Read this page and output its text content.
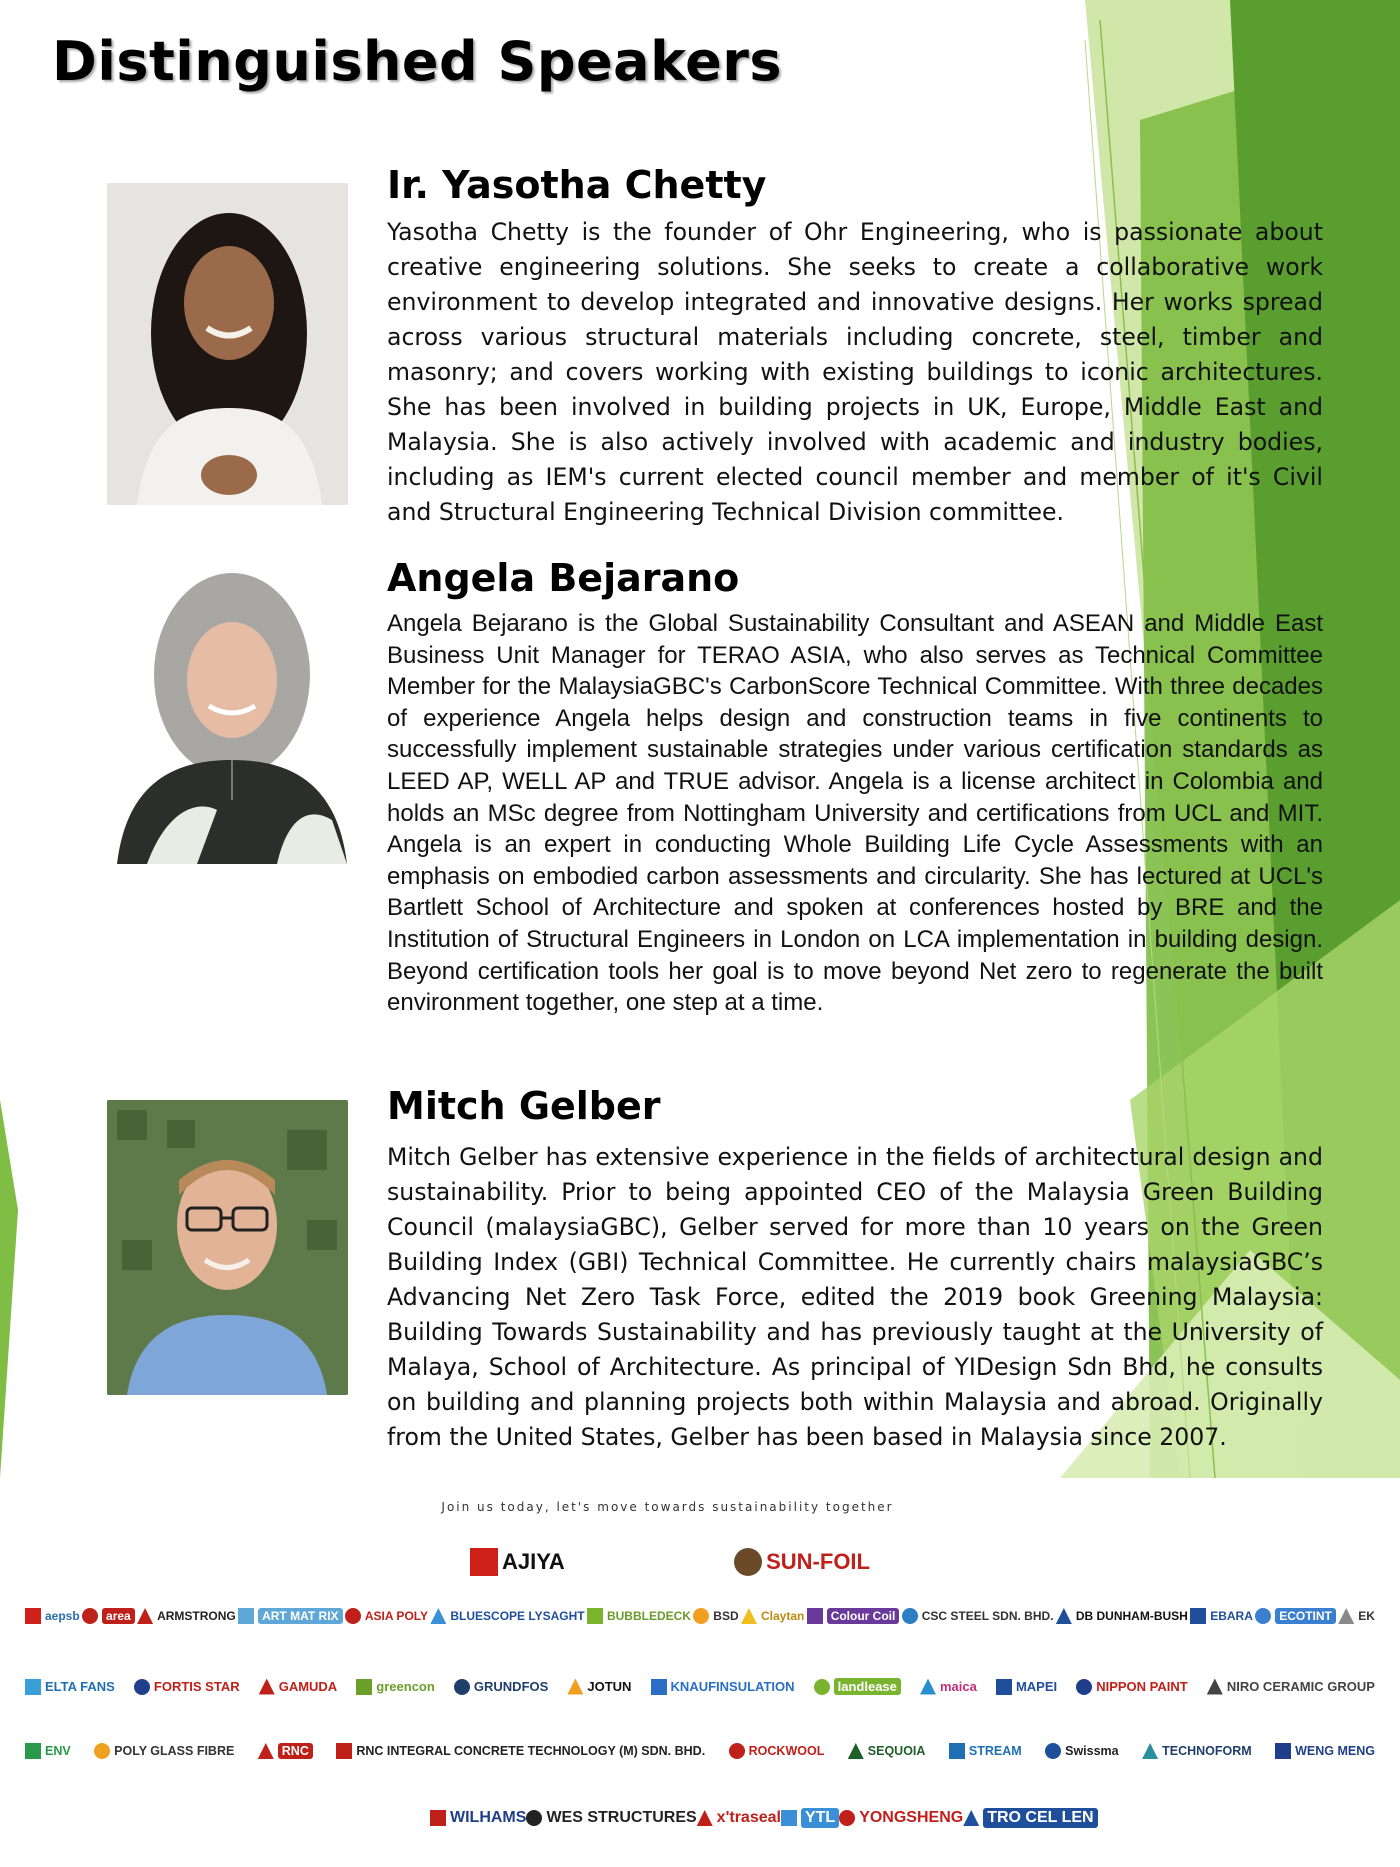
Distinguished Speakers
Ir. Yasotha Chetty

Yasotha Chetty is the founder of Ohr Engineering, who is passionate about creative engineering solutions. She seeks to create a collaborative work environment to develop integrated and innovative designs. Her works spread across various structural materials including concrete, steel, timber and masonry; and covers working with existing buildings to iconic architectures. She has been involved in building projects in UK, Europe, Middle East and Malaysia. She is also actively involved with academic and industry bodies, including as IEM's current elected council member and member of it's Civil and Structural Engineering Technical Division committee.

Angela Bejarano

Angela Bejarano is the Global Sustainability Consultant and ASEAN and Middle East Business Unit Manager for TERAO ASIA, who also serves as Technical Committee Member for the MalaysiaGBC's CarbonScore Technical Committee. With three decades of experience Angela helps design and construction teams in five continents to successfully implement sustainable strategies under various certification standards as LEED AP, WELL AP and TRUE advisor. Angela is a license architect in Colombia and holds an MSc degree from Nottingham University and certifications from UCL and MIT. Angela is an expert in conducting Whole Building Life Cycle Assessments with an emphasis on embodied carbon assessments and circularity. She has lectured at UCL's Bartlett School of Architecture and spoken at conferences hosted by BRE and the Institution of Structural Engineers in London on LCA implementation in building design. Beyond certification tools her goal is to move beyond Net zero to regenerate the built environment together, one step at a time.

Mitch Gelber

Mitch Gelber has extensive experience in the fields of architectural design and sustainability. Prior to being appointed CEO of the Malaysia Green Building Council (malaysiaGBC), Gelber served for more than 10 years on the Green Building Index (GBI) Technical Committee. He currently chairs malaysiaGBC’s Advancing Net Zero Task Force, edited the 2019 book Greening Malaysia: Building Towards Sustainability and has previously taught at the University of Malaya, School of Architecture. As principal of YIDesign Sdn Bhd, he consults on building and planning projects both within Malaysia and abroad. Originally from the United States, Gelber has been based in Malaysia since 2007.

Join us today, let's move towards sustainability together

AJIYA	SUN-FOIL
aepsb	area	ARMSTRONG	ART MAT RIX	ASIA POLY BLUESCOPE LYSAGHT BUBBLEDECK BSD Claytan	Colour Coil	CSC STEEL SDN. BHD. DB DUNHAM-BUSH EBARA	ECOTINT	EK
ELTA FANS	FORTIS STAR	GAMUDA	greencon	GRUNDFOS	JOTUN	KNAUFINSULATION	landlease	maica	MAPEI	NIPPON PAINT	NIRO CERAMIC GROUP
ENV	POLY GLASS FIBRE	RNC	RNC INTEGRAL CONCRETE TECHNOLOGY (M) SDN. BHD.	ROCKWOOL	SEQUOIA	STREAM	Swissma	TECHNOFORM	WENG MENG
WILHAMS WES STRUCTURES x'traseal YTL YONGSHENG TRO CEL LEN
